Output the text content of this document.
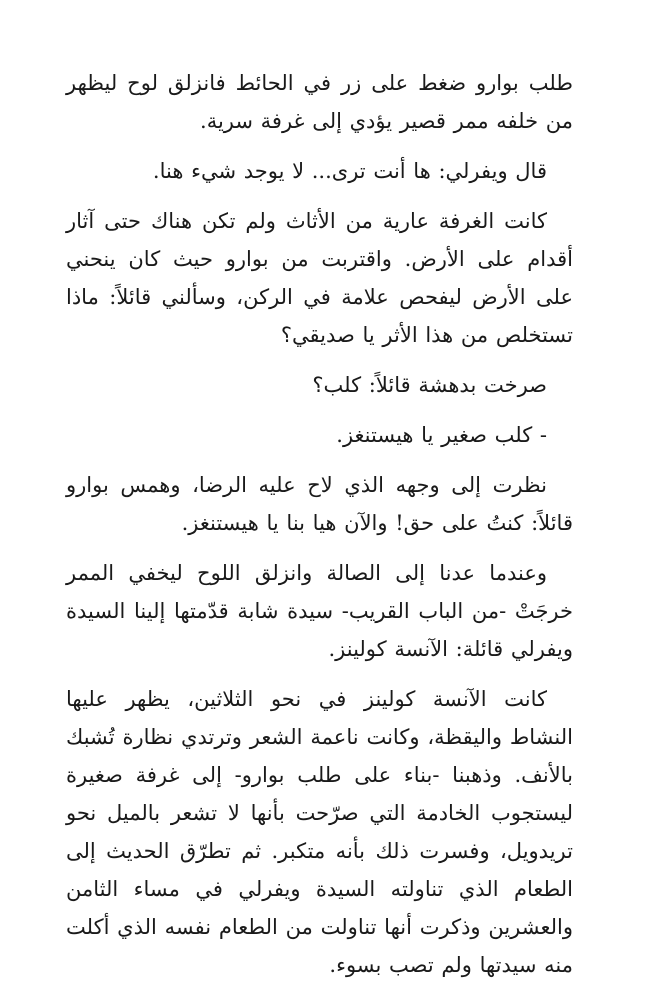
طلب بوارو ضغط على زر في الحائط فانزلق لوح ليظهر من خلفه ممر قصير يؤدي إلى غرفة سرية.

قال ويفرلي: ها أنت ترى... لا يوجد شيء هنا.

كانت الغرفة عارية من الأثاث ولم تكن هناك حتى آثار أقدام على الأرض. واقتربت من بوارو حيث كان ينحني على الأرض ليفحص علامة في الركن، وسألني قائلاً: ماذا تستخلص من هذا الأثر يا صديقي؟

صرخت بدهشة قائلاً: كلب؟

- كلب صغير يا هيستنغز.

نظرت إلى وجهه الذي لاح عليه الرضا، وهمس بوارو قائلاً: كنتُ على حق! والآن هيا بنا يا هيستنغز.

وعندما عدنا إلى الصالة وانزلق اللوح ليخفي الممر خرجَتْ -من الباب القريب- سيدة شابة قدّمتها إلينا السيدة ويفرلي قائلة: الآنسة كولينز.

كانت الآنسة كولينز في نحو الثلاثين، يظهر عليها النشاط واليقظة، وكانت ناعمة الشعر وترتدي نظارة تُشبك بالأنف. وذهبنا -بناء على طلب بوارو- إلى غرفة صغيرة ليستجوب الخادمة التي صرّحت بأنها لا تشعر بالميل نحو تريدويل، وفسرت ذلك بأنه متكبر. ثم تطرّق الحديث إلى الطعام الذي تناولته السيدة ويفرلي في مساء الثامن والعشرين وذكرت أنها تناولت من الطعام نفسه الذي أكلت منه سيدتها ولم تصب بسوء.
